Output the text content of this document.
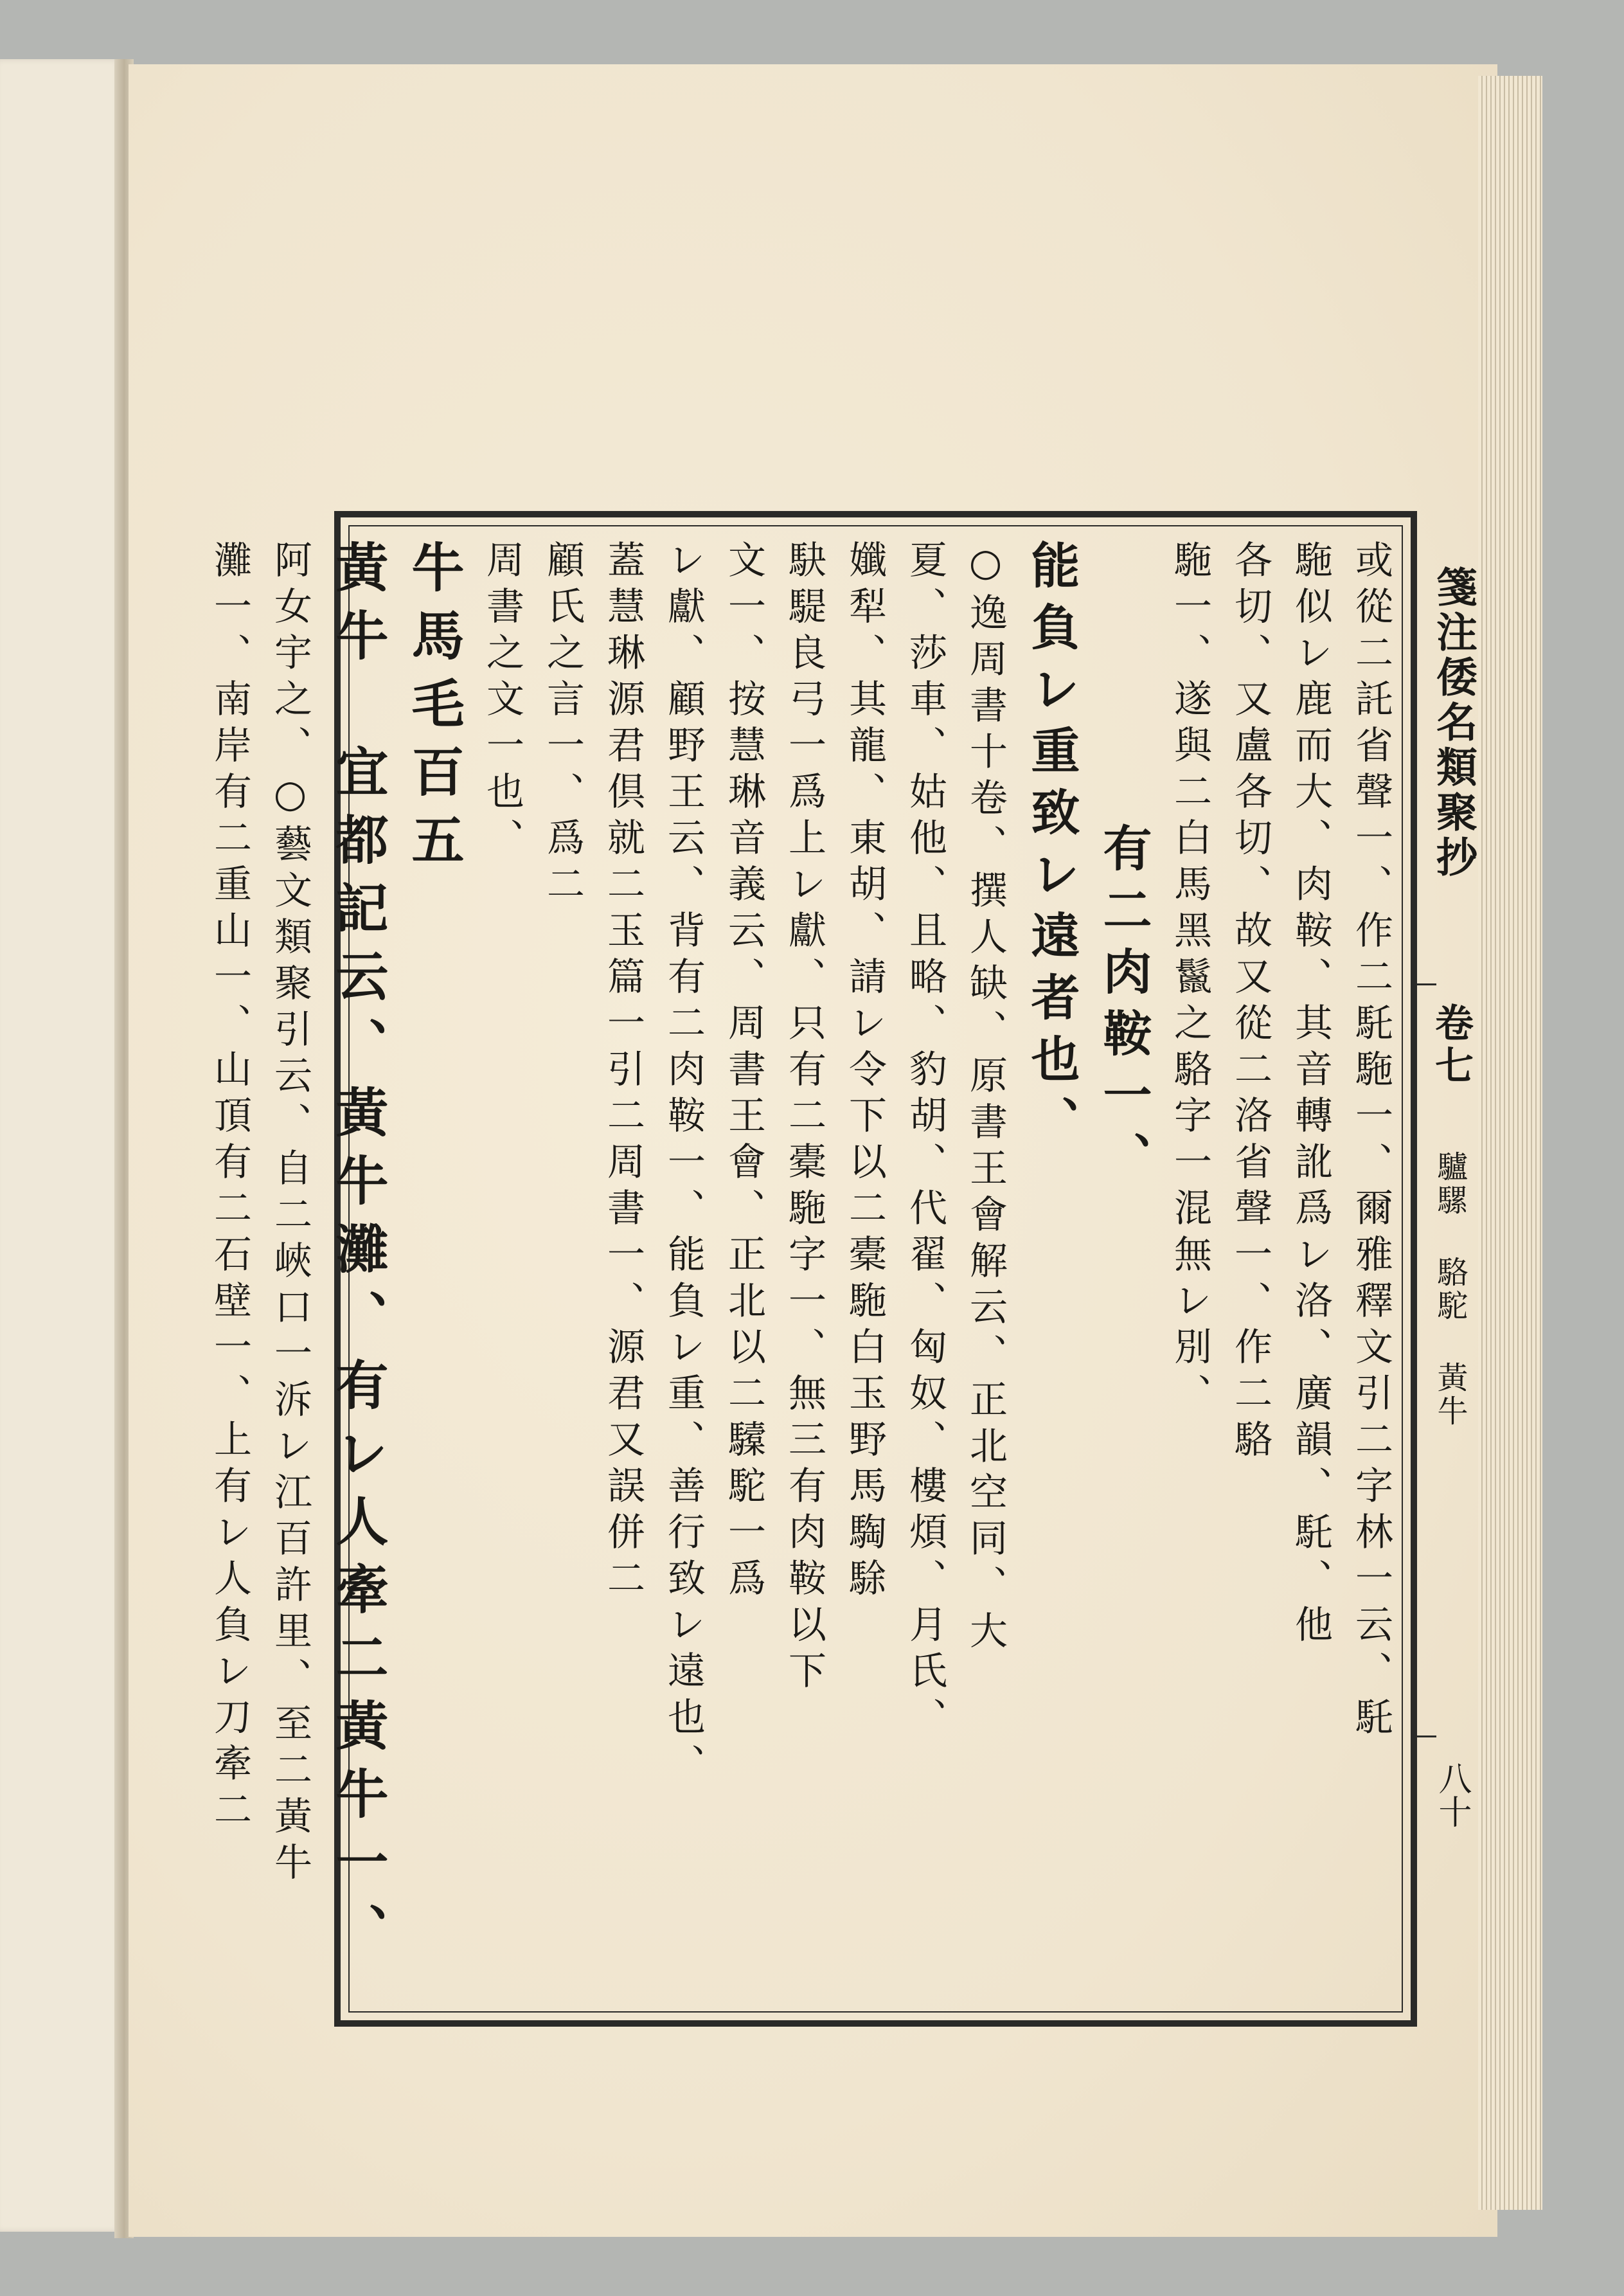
箋注倭名類聚抄
卷七
驢騾 駱駝 黃牛
八十

或從二託省聲一、作二馲駞一、爾雅釋文引二字林一云、馲

駞似レ鹿而大、肉鞍、其音轉訛爲レ洛、廣韻、馲、他

各切、又盧各切、故又從二洛省聲一、作二駱

駞一、遂與二白馬黑鬣之駱字一混無レ別、

有二肉鞍一、

能負レ重致レ遠者也、

○逸周書十卷、撰人缺、原書王會解云、正北空同、大

夏、莎車、姑他、且略、豹胡、代翟、匈奴、樓煩、月氏、

孅犁、其龍、東胡、請レ令下以二橐駞白玉野馬騊駼

駃騠良弓一爲上レ獻、只有二橐駞字一、無三有肉鞍以下

文一、按慧琳音義云、周書王會、正北以二驝駝一爲

レ獻、顧野王云、背有二肉鞍一、能負レ重、善行致レ遠也、

蓋慧琳源君倶就二玉篇一引二周書一、源君又誤併二

顧氏之言一、爲二

周書之文一也、

牛馬毛百五

黃牛　宜都記云、黃牛灘、有レ人牽二黃牛一、

阿女宇之、○藝文類聚引云、自二峽口一泝レ江百許里、至二黃牛

灘一、南岸有二重山一、山頂有二石壁一、上有レ人負レ刀牽二
